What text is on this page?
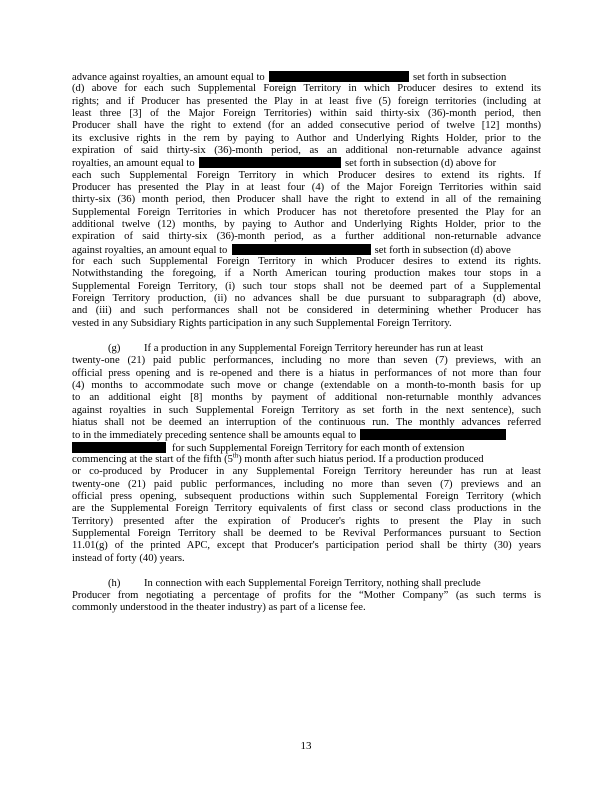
advance against royalties, an amount equal to	set forth in subsection
(d) above for each such Supplemental Foreign Territory in which Producer desires to extend its
rights; and if Producer has presented the Play in at least five (5) foreign territories (including at
least three [3] of the Major Foreign Territories) within said thirty-six (36)-month period, then
Producer shall have the right to extend (for an added consecutive period of twelve [12] months)
its exclusive rights in the rem by paying to Author and Underlying Rights Holder, prior to the
expiration of said thirty-six (36)-month period, as an additional non-returnable advance against
royalties, an amount equal to	set forth in subsection (d) above for
each such Supplemental Foreign Territory in which Producer desires to extend its rights. If
Producer has presented the Play in at least four (4) of the Major Foreign Territories within said
thirty-six (36) month period, then Producer shall have the right to extend in all of the remaining
Supplemental Foreign Territories in which Producer has not theretofore presented the Play for an
additional twelve (12) months, by paying to Author and Underlying Rights Holder, prior to the
expiration of said thirty-six (36)-month period, as a further additional non-returnable advance
against royalties, an amount equal to	set forth in subsection (d) above
for each such Supplemental Foreign Territory in which Producer desires to extend its rights.
Notwithstanding the foregoing, if a North American touring production makes tour stops in a
Supplemental Foreign Territory, (i) such tour stops shall not be deemed part of a Supplemental
Foreign Territory production, (ii) no advances shall be due pursuant to subparagraph (d) above,
and (iii) and such performances shall not be considered in determining whether Producer has
vested in any Subsidiary Rights participation in any such Supplemental Foreign Territory.
(g) If a production in any Supplemental Foreign Territory hereunder has run at least
twenty-one (21) paid public performances, including no more than seven (7) previews, with an
official press opening and is re-opened and there is a hiatus in performances of not more than four
(4) months to accommodate such move or change (extendable on a month-to-month basis for up
to an additional eight [8] months by payment of additional non-returnable monthly advances
against royalties in such Supplemental Foreign Territory as set forth in the next sentence), such
hiatus shall not be deemed an interruption of the continuous run. The monthly advances referred
to in the immediately preceding sentence shall be amounts equal to
for such Supplemental Foreign Territory for each month of extension
commencing at the start of the fifth (5th) month after such hiatus period. If a production produced
or co-produced by Producer in any Supplemental Foreign Territory hereunder has run at least
twenty-one (21) paid public performances, including no more than seven (7) previews and an
official press opening, subsequent productions within such Supplemental Foreign Territory (which
are the Supplemental Foreign Territory equivalents of first class or second class productions in the
Territory) presented after the expiration of Producer's rights to present the Play in such
Supplemental Foreign Territory shall be deemed to be Revival Performances pursuant to Section
11.01(g) of the printed APC, except that Producer's participation period shall be thirty (30) years
instead of forty (40) years.
(h) In connection with each Supplemental Foreign Territory, nothing shall preclude
Producer from negotiating a percentage of profits for the “Mother Company” (as such terms is
commonly understood in the theater industry) as part of a license fee.
13
